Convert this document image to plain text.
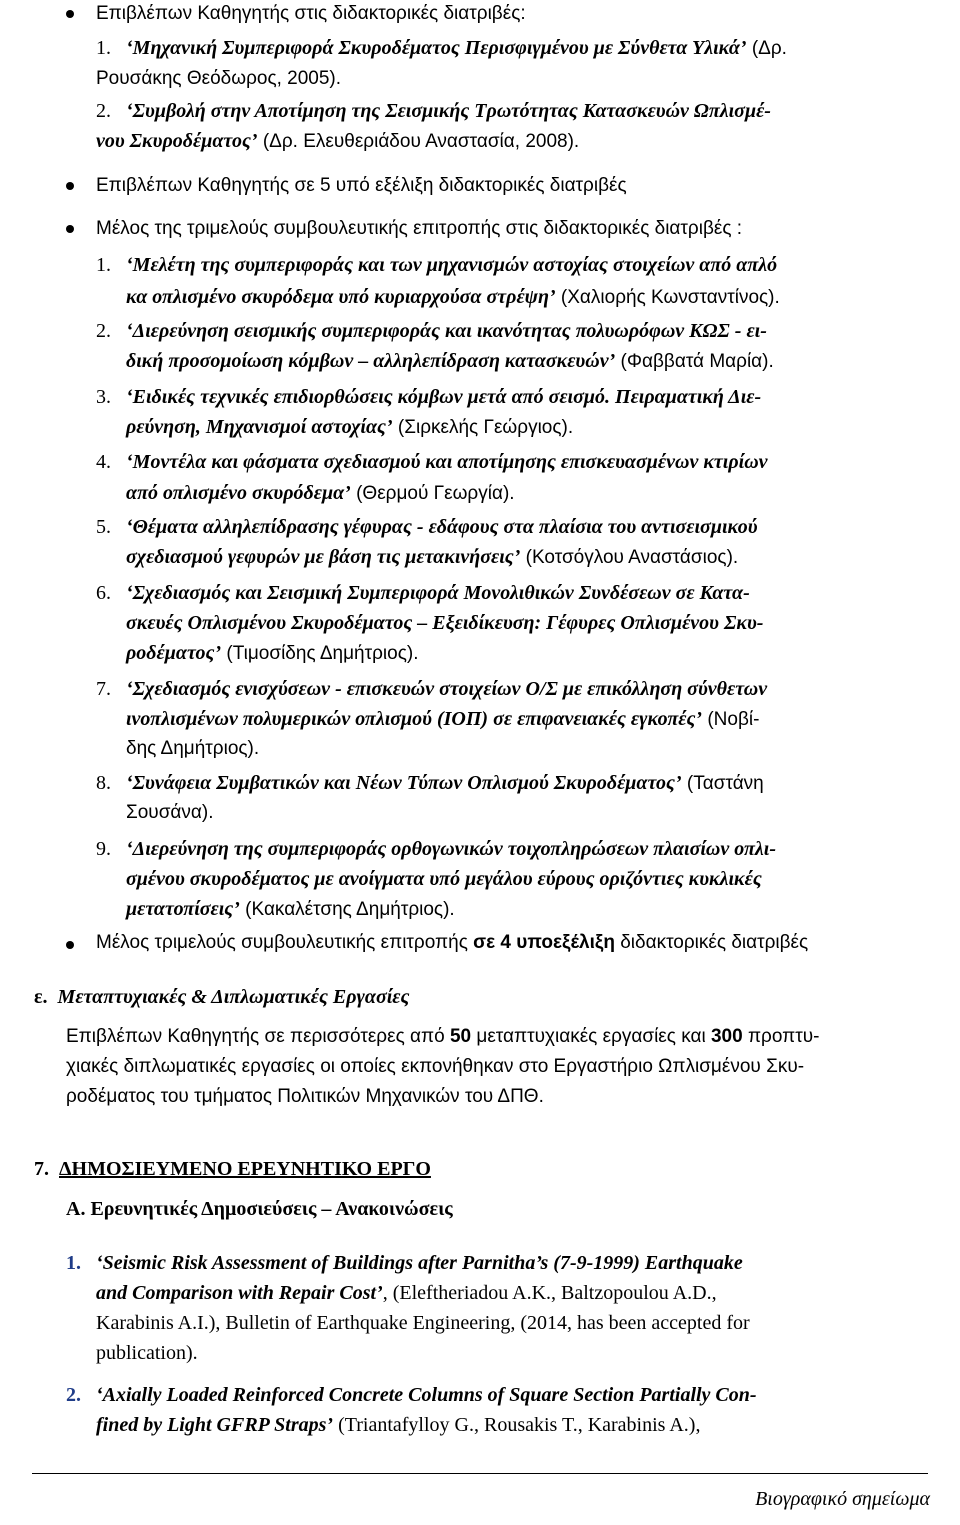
Επιβλέπων Καθηγητής στις διδακτορικές διατριβές:
1. ‘Μηχανική Συμπεριφορά Σκυροδέματος Περισφιγμένου με Σύνθετα Υλικά’ (Δρ.
Ρουσάκης Θεόδωρος, 2005).
2. ‘Συμβολή στην Αποτίμηση της Σεισμικής Τρωτότητας Κατασκευών Ωπλισμέ-
νου Σκυροδέματος’ (Δρ. Ελευθεριάδου Αναστασία, 2008).
Επιβλέπων Καθηγητής σε 5 υπό εξέλιξη διδακτορικές διατριβές
Μέλος της τριμελούς συμβουλευτικής επιτροπής στις διδακτορικές διατριβές :
1. ‘Μελέτη της συμπεριφοράς και των μηχανισμών αστοχίας στοιχείων από απλό
κα οπλισμένο σκυρόδεμα υπό κυριαρχούσα στρέψη’ (Χαλιορής Κωνσταντίνος).
2. ‘Διερεύνηση σεισμικής συμπεριφοράς και ικανότητας πολυωρόφων ΚΩΣ - ει-
δική προσομοίωση κόμβων – αλληλεπίδραση κατασκευών’ (Φαββατά Μαρία).
3. ‘Ειδικές τεχνικές επιδιορθώσεις κόμβων μετά από σεισμό. Πειραματική Διε-
ρεύνηση, Μηχανισμοί αστοχίας’ (Σιρκελής Γεώργιος).
4. ‘Μοντέλα και φάσματα σχεδιασμού και αποτίμησης επισκευασμένων κτιρίων
από οπλισμένο σκυρόδεμα’ (Θερμού Γεωργία).
5. ‘Θέματα αλληλεπίδρασης γέφυρας - εδάφους στα πλαίσια του αντισεισμικού
σχεδιασμού γεφυρών με βάση τις μετακινήσεις’ (Κοτσόγλου Αναστάσιος).
6. ‘Σχεδιασμός και Σεισμική Συμπεριφορά Μονολιθικών Συνδέσεων σε Κατα-
σκευές Οπλισμένου Σκυροδέματος – Εξειδίκευση: Γέφυρες Οπλισμένου Σκυ-
ροδέματος’ (Τιμοσίδης Δημήτριος).
7. ‘Σχεδιασμός ενισχύσεων - επισκευών στοιχείων Ο/Σ με επικόλληση σύνθετων
ινοπλισμένων πολυμερικών οπλισμού (ΙΟΠ) σε επιφανειακές εγκοπές’ (Νοβί-
δης Δημήτριος).
8. ‘Συνάφεια Συμβατικών και Νέων Τύπων Οπλισμού Σκυροδέματος’ (Ταστάνη
Σουσάνα).
9. ‘Διερεύνηση της συμπεριφοράς ορθογωνικών τοιχοπληρώσεων πλαισίων οπλι-
σμένου σκυροδέματος με ανοίγματα υπό μεγάλου εύρους οριζόντιες κυκλικές
μετατοπίσεις’ (Κακαλέτσης Δημήτριος).
Μέλος τριμελούς συμβουλευτικής επιτροπής σε 4 υποεξέλιξη διδακτορικές διατριβές
ε. Μεταπτυχιακές & Διπλωματικές Εργασίες
Επιβλέπων Καθηγητής σε περισσότερες από 50 μεταπτυχιακές εργασίες και 300 προπτυ-
χιακές διπλωματικές εργασίες οι οποίες εκπονήθηκαν στο Εργαστήριο Ωπλισμένου Σκυ-
ροδέματος του τμήματος Πολιτικών Μηχανικών του ΔΠΘ.
7. ΔΗΜΟΣΙΕΥΜΕΝΟ ΕΡΕΥΝΗΤΙΚΟ ΕΡΓΟ
Α. Ερευνητικές Δημοσιεύσεις – Ανακοινώσεις
1. ‘Seismic Risk Assessment of Buildings after Parnitha’s (7-9-1999) Earthquake
and Comparison with Repair Cost’, (Eleftheriadou A.K., Baltzopoulou A.D.,
Karabinis A.I.), Bulletin of Earthquake Engineering, (2014, has been accepted for
publication).
2. ‘Axially Loaded Reinforced Concrete Columns of Square Section Partially Con-
fined by Light GFRP Straps’ (Triantafylloy G., Rousakis T., Karabinis A.),
Βιογραφικό σημείωμα
